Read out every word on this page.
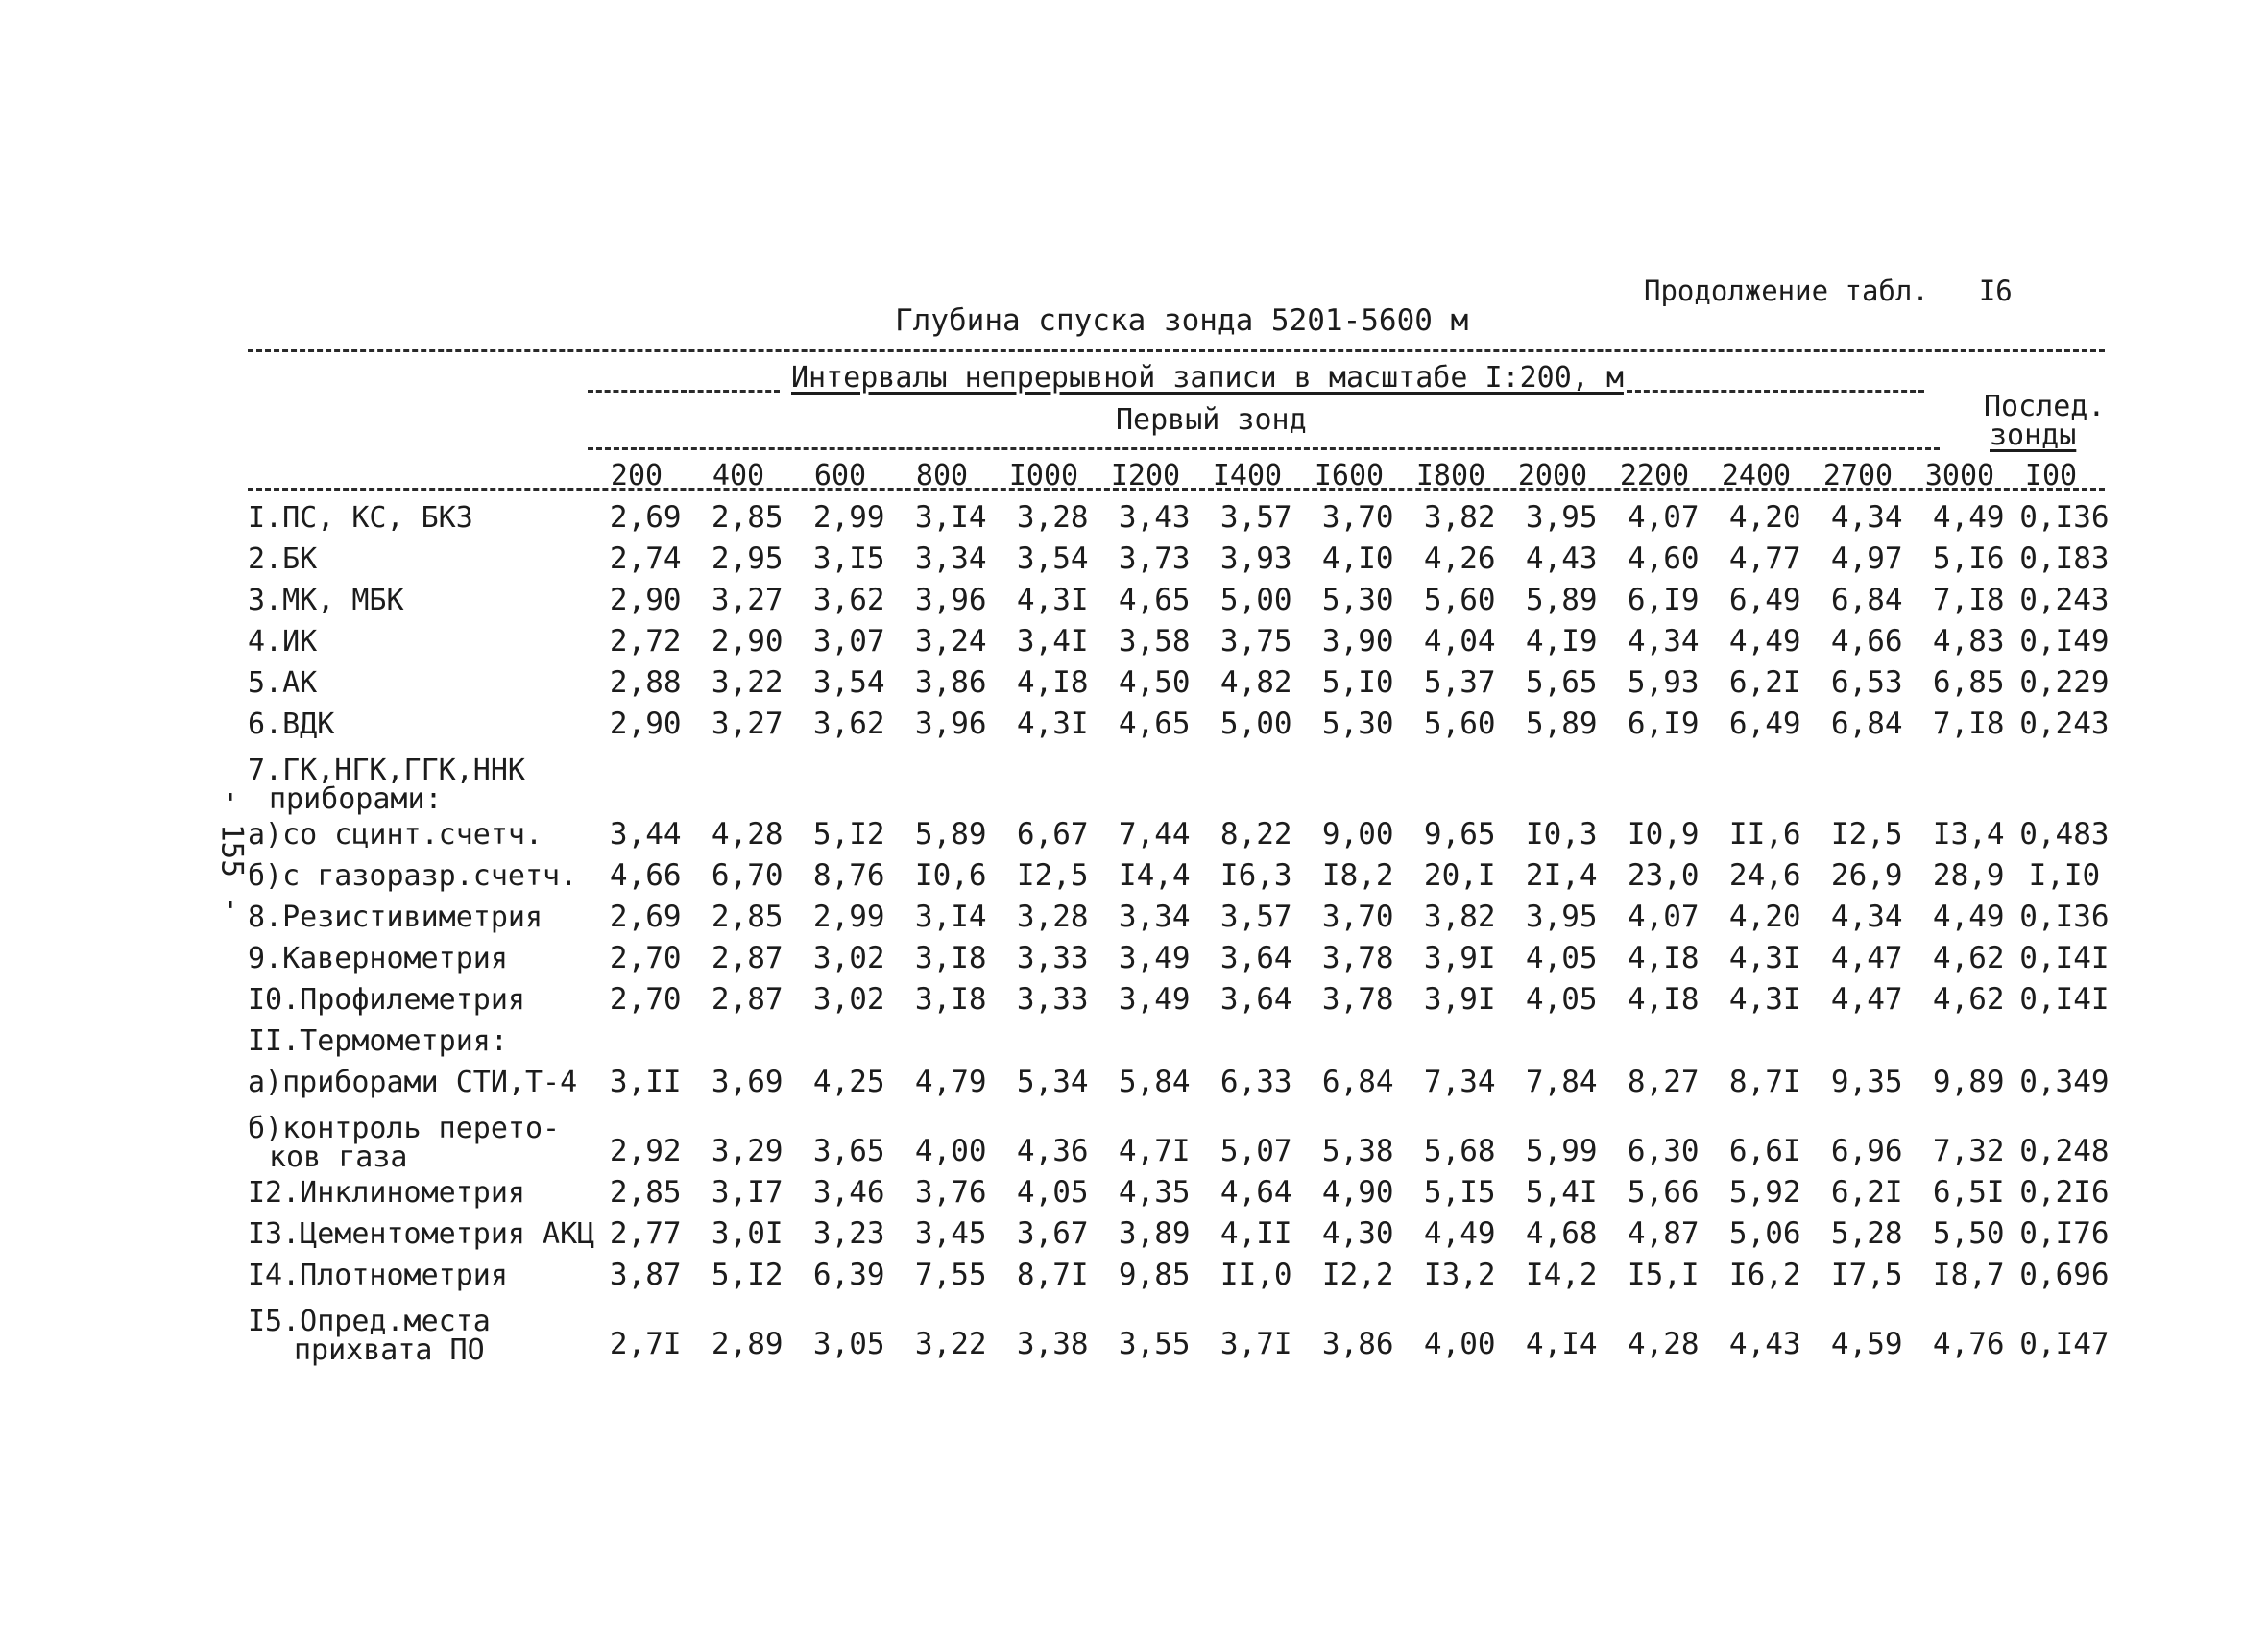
Продолжение табл. I6
Глубина спуска зонда 5201-5600 м
- 155 -
Интервалы непрерывной записи в масштабе I:200, м
Первый зонд	Послед.
зонды
200	400	600	800	I000	I200	I400	I600	I800	2000	2200	2400	2700	3000	I00
I.ПС, КС, БКЗ	2,69	2,85	2,99	3,I4	3,28	3,43	3,57	3,70	3,82	3,95	4,07	4,20	4,34	4,49	0,I36
2.БК	2,74	2,95	3,I5	3,34	3,54	3,73	3,93	4,I0	4,26	4,43	4,60	4,77	4,97	5,I6	0,I83
3.МК, МБК	2,90	3,27	3,62	3,96	4,3I	4,65	5,00	5,30	5,60	5,89	6,I9	6,49	6,84	7,I8	0,243
4.ИК	2,72	2,90	3,07	3,24	3,4I	3,58	3,75	3,90	4,04	4,I9	4,34	4,49	4,66	4,83	0,I49
5.АК	2,88	3,22	3,54	3,86	4,I8	4,50	4,82	5,I0	5,37	5,65	5,93	6,2I	6,53	6,85	0,229
6.ВДК	2,90	3,27	3,62	3,96	4,3I	4,65	5,00	5,30	5,60	5,89	6,I9	6,49	6,84	7,I8	0,243

7.ГК,НГК,ГГК,ННК
приборами:															

а)со сцинт.счетч.	3,44	4,28	5,I2	5,89	6,67	7,44	8,22	9,00	9,65	I0,3	I0,9	II,6	I2,5	I3,4	0,483
б)с газоразр.счетч.	4,66	6,70	8,76	I0,6	I2,5	I4,4	I6,3	I8,2	20,I	2I,4	23,0	24,6	26,9	28,9	I,I0
8.Резистивиметрия	2,69	2,85	2,99	3,I4	3,28	3,34	3,57	3,70	3,82	3,95	4,07	4,20	4,34	4,49	0,I36
9.Кавернометрия	2,70	2,87	3,02	3,I8	3,33	3,49	3,64	3,78	3,9I	4,05	4,I8	4,3I	4,47	4,62	0,I4I
I0.Профилеметрия	2,70	2,87	3,02	3,I8	3,33	3,49	3,64	3,78	3,9I	4,05	4,I8	4,3I	4,47	4,62	0,I4I
II.Термометрия:															
а)приборами СТИ,Т-4	3,II	3,69	4,25	4,79	5,34	5,84	6,33	6,84	7,34	7,84	8,27	8,7I	9,35	9,89	0,349

б)контроль перето-
ков газа	2,92	3,29	3,65	4,00	4,36	4,7I	5,07	5,38	5,68	5,99	6,30	6,6I	6,96	7,32	0,248
I2.Инклинометрия	2,85	3,I7	3,46	3,76	4,05	4,35	4,64	4,90	5,I5	5,4I	5,66	5,92	6,2I	6,5I	0,2I6
I3.Цементометрия АКЦ	2,77	3,0I	3,23	3,45	3,67	3,89	4,II	4,30	4,49	4,68	4,87	5,06	5,28	5,50	0,I76
I4.Плотнометрия	3,87	5,I2	6,39	7,55	8,7I	9,85	II,0	I2,2	I3,2	I4,2	I5,I	I6,2	I7,5	I8,7	0,696

I5.Опред.места
прихвата ПО	2,7I	2,89	3,05	3,22	3,38	3,55	3,7I	3,86	4,00	4,I4	4,28	4,43	4,59	4,76	0,I47
